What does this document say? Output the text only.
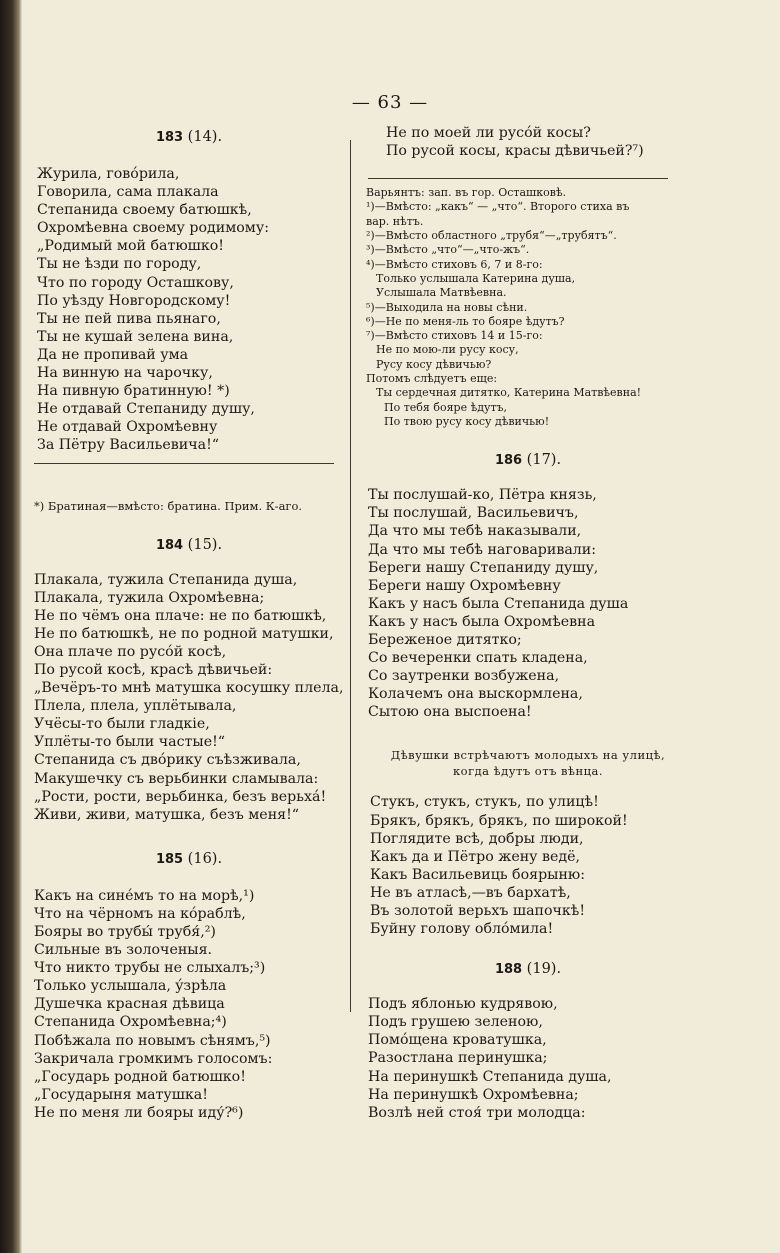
— 63 —
183 (14).
Журила, говóрила,
Говорила, сама плакала
Степанида своему батюшкѣ,
Охромѣевна своему родимому:
„Родимый мой батюшко!
Ты не ѣзди по городу,
Что по городу Осташкову,
По уѣзду Новгородскому!
Ты не пей пива пьянаго,
Ты не кушай зелена вина,
Да не пропивай ума
На винную на чарочку,
На пивную братинную! *)
Не отдавай Степаниду душу,
Не отдавай Охромѣевну
За Пётру Васильевича!“
*) Братиная—вмѣсто: братина. Прим. К-аго.
184 (15).
Плакала, тужила Степанида душа,
Плакала, тужила Охромѣевна;
Не по чёмъ она плаче: не по батюшкѣ,
Не по батюшкѣ, не по родной матушки,
Она плаче по русóй косѣ,
По русой косѣ, красѣ дѣвичьей:
„Вечёръ-то мнѣ матушка косушку плела,
Плела, плела, уплётывала,
Учёсы-то были гладкіе,
Уплёты-то были частые!“
Степанида съ двóрику съѣзживала,
Макушечку съ верьбинки сламывала:
„Рости, рости, верьбинка, безъ верьхá!
Живи, живи, матушка, безъ меня!“
185 (16).
Какъ на синéмъ то на морѣ,¹)
Что на чёрномъ на кóраблѣ,
Бояры во трубы́ трубя́,²)
Сильные въ золоченыя.
Что никто трубы не слыхалъ;³)
Только услышала, ýзрѣла
Душечка красная дѣвица
Степанида Охромѣевна;⁴)
Побѣжала по новымъ сѣнямъ,⁵)
Закричала громкимъ голосомъ:
„Государь родной батюшко!
„Государыня матушка!
Не по меня ли бояры иду́?⁶)
Не по моей ли русóй косы?
По русой косы, красы дѣвичьей?⁷)
Варьянтъ: зап. въ гор. Осташковѣ.
¹)—Вмѣсто: „какъ“ — „что“. Второго стиха въ
вар. нѣтъ.
²)—Вмѣсто областного „трубя“—„трубятъ“.
³)—Вмѣсто „что“—„что-жъ“.
⁴)—Вмѣсто стиховъ 6, 7 и 8-го:
Только услышала Катерина душа,
Услышала Матвѣевна.
⁵)—Выходила на новы сѣни.
⁶)—Не по меня-ль то бояре ѣдутъ?
⁷)—Вмѣсто стиховъ 14 и 15-го:
Не по мою-ли русу косу,
Русу косу дѣвичью?
Потомъ слѣдуетъ еще:
Ты сердечная дитятко, Катерина Матвѣевна!
По тебя бояре ѣдутъ,
По твою русу косу дѣвичью!
186 (17).
Ты послушай-ко, Пётра князь,
Ты послушай, Васильевичъ,
Да что мы тебѣ наказывали,
Да что мы тебѣ наговаривали:
Береги нашу Степаниду душу,
Береги нашу Охромѣевну
Какъ у насъ была Степанида душа
Какъ у насъ была Охромѣевна
Береженое дитятко;
Со вечеренки спать кладена,
Со заутренки возбужена,
Колачемъ она выскормлена,
Сытою она выспоена!
Дѣвушки встрѣчаютъ молодыхъ на улицѣ,
когда ѣдутъ отъ вѣнца.
Стукъ, стукъ, стукъ, по улицѣ!
Брякъ, брякъ, брякъ, по широкой!
Поглядите всѣ, добры люди,
Какъ да и Пётро жену ведё,
Какъ Васильевиць боярыню:
Не въ атласѣ,—въ бархатѣ,
Въ золотой верьхъ шапочкѣ!
Буйну голову облóмила!
188 (19).
Подъ яблонью кудрявою,
Подъ грушею зеленою,
Помóщена кроватушка,
Разостлана перинушка;
На перинушкѣ Степанида душа,
На перинушкѣ Охромѣевна;
Возлѣ ней стоя́ три молодца:
